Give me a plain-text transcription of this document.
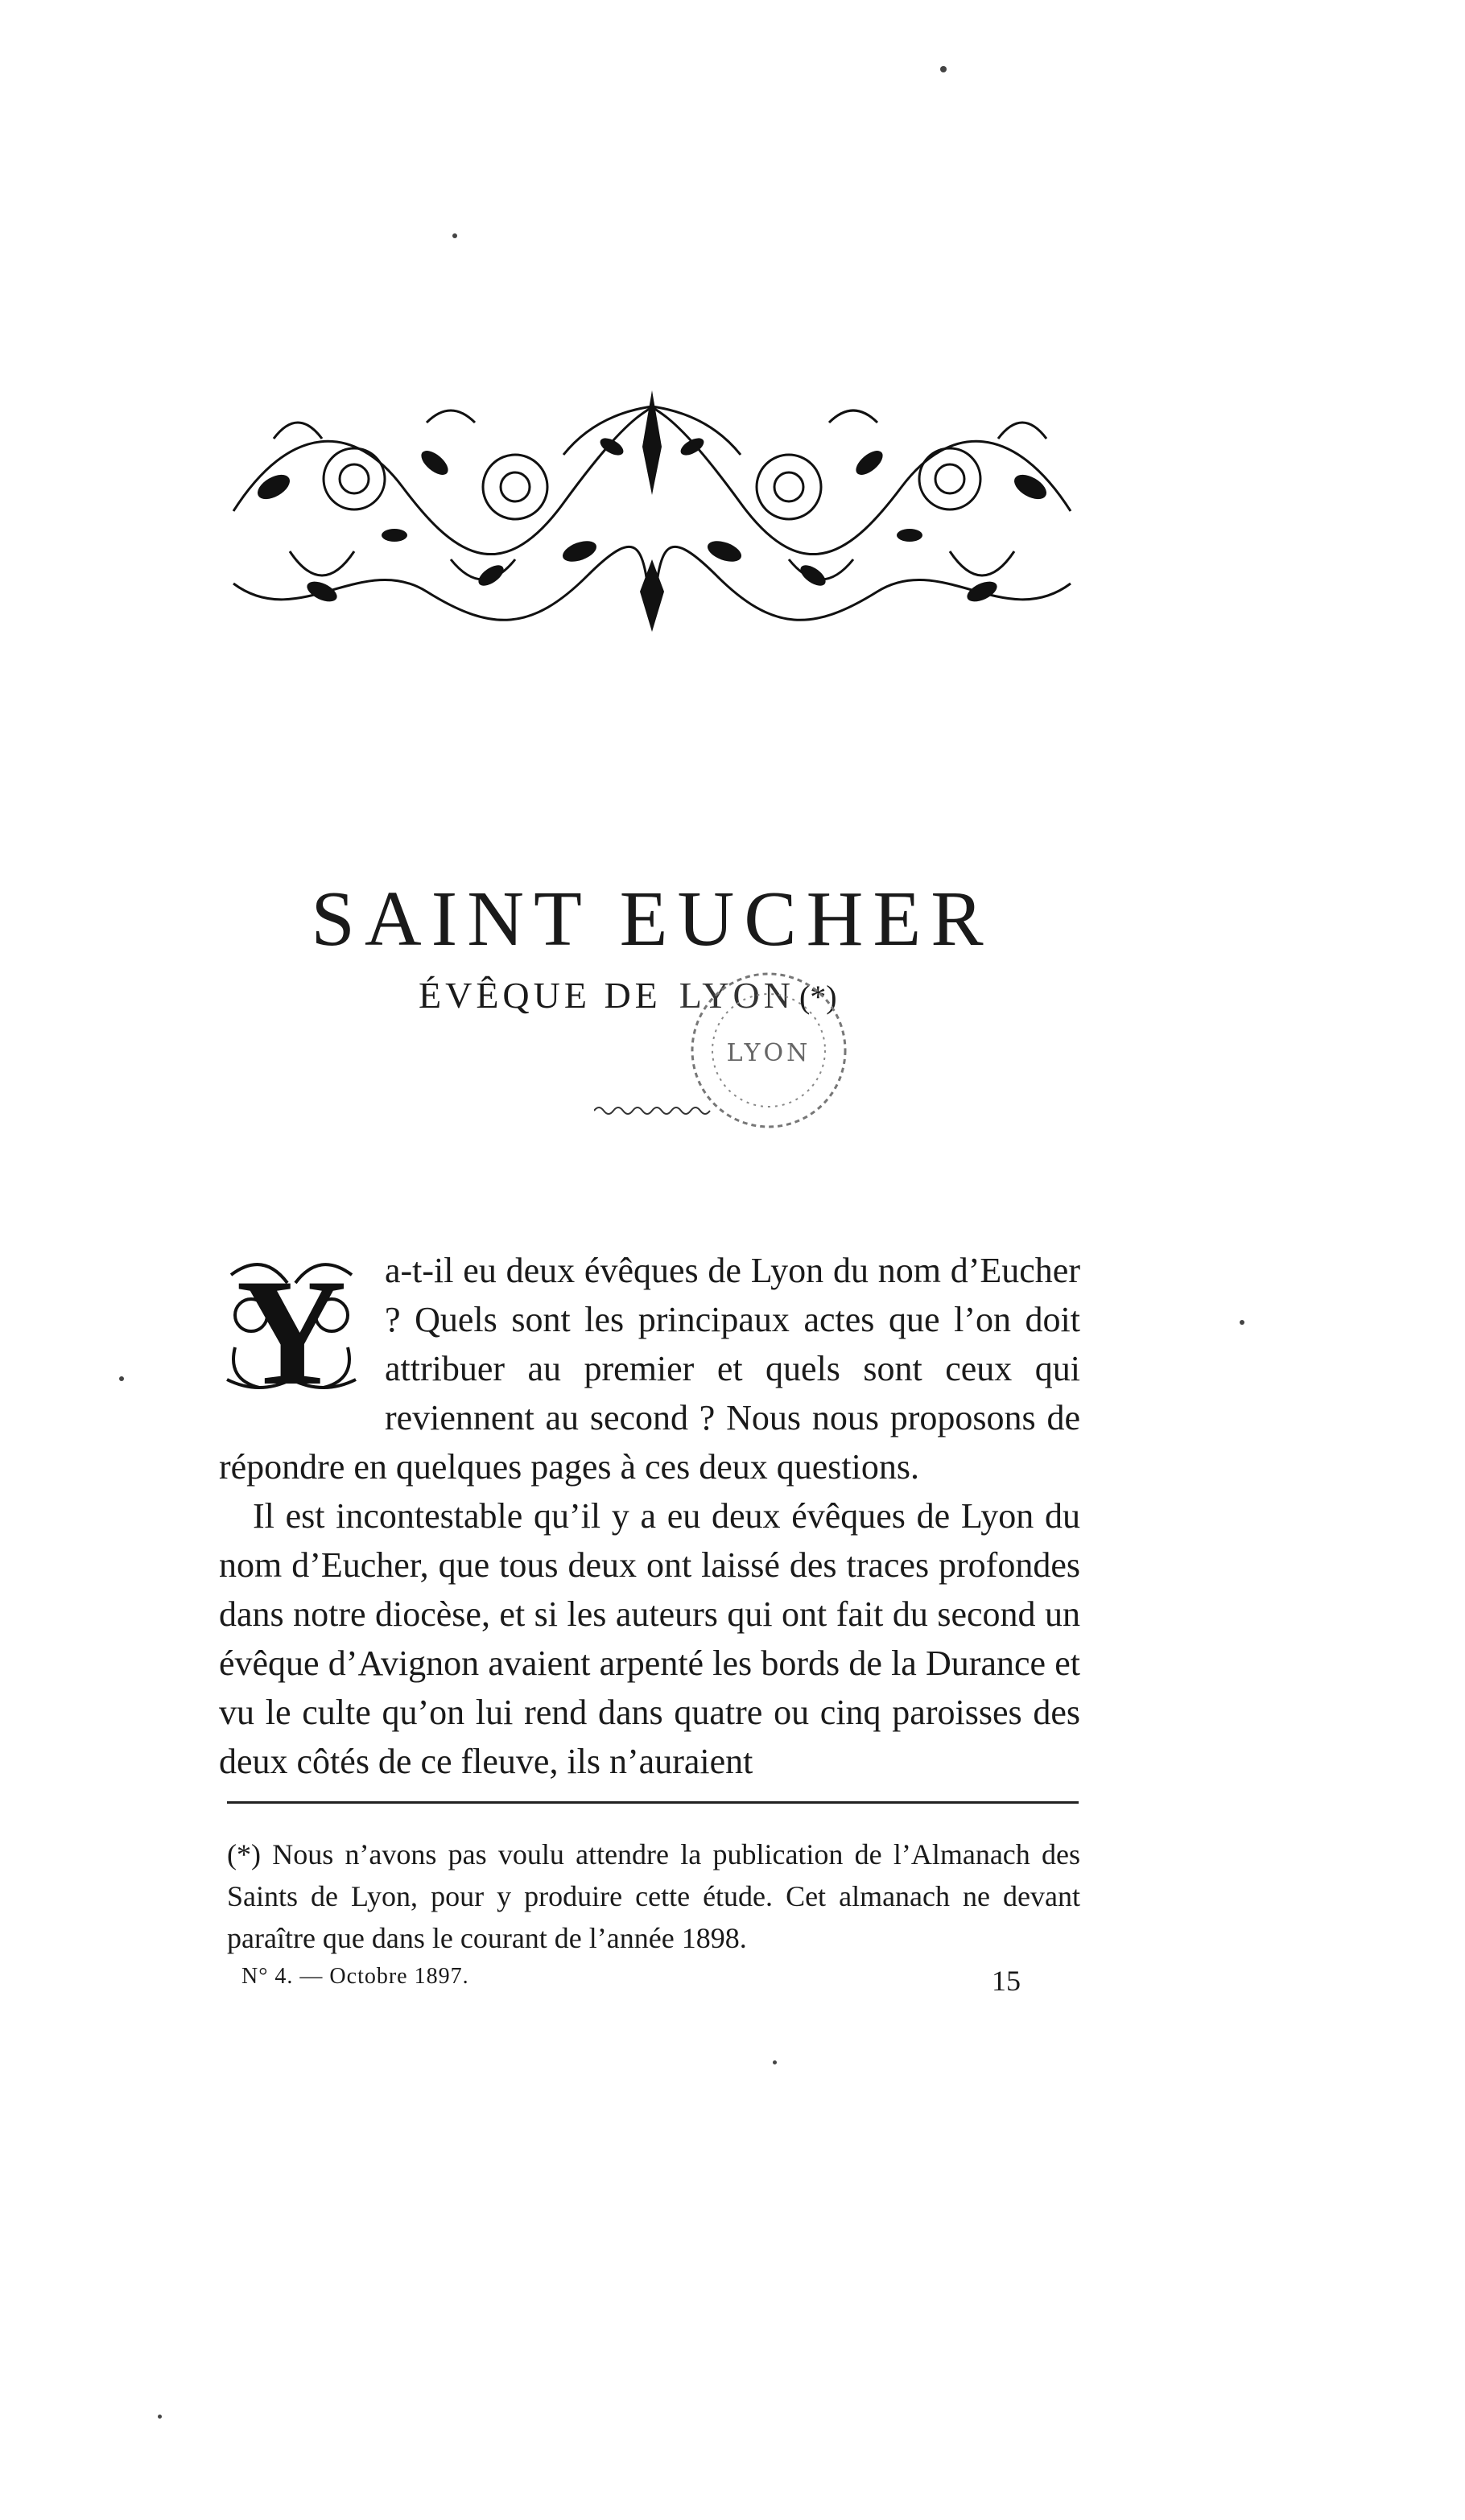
SAINT EUCHER
ÉVÊQUE DE LYON (*)
LYON
Y	a-t-il eu deux évêques de Lyon du nom d’Eucher ? Quels sont les principaux actes que l’on doit attribuer au premier et quels sont ceux qui reviennent au second ? Nous nous proposons de répondre en quelques pages à ces deux questions.

Il est incontestable qu’il y a eu deux évêques de Lyon du nom d’Eucher, que tous deux ont laissé des traces profondes dans notre diocèse, et si les auteurs qui ont fait du second un évêque d’Avignon avaient arpenté les bords de la Durance et vu le culte qu’on lui rend dans quatre ou cinq paroisses des deux côtés de ce fleuve, ils n’auraient

(*) Nous n’avons pas voulu attendre la publication de l’Almanach des Saints de Lyon, pour y produire cette étude. Cet almanach ne devant paraître que dans le courant de l’année 1898.
N° 4. — Octobre 1897.	15
